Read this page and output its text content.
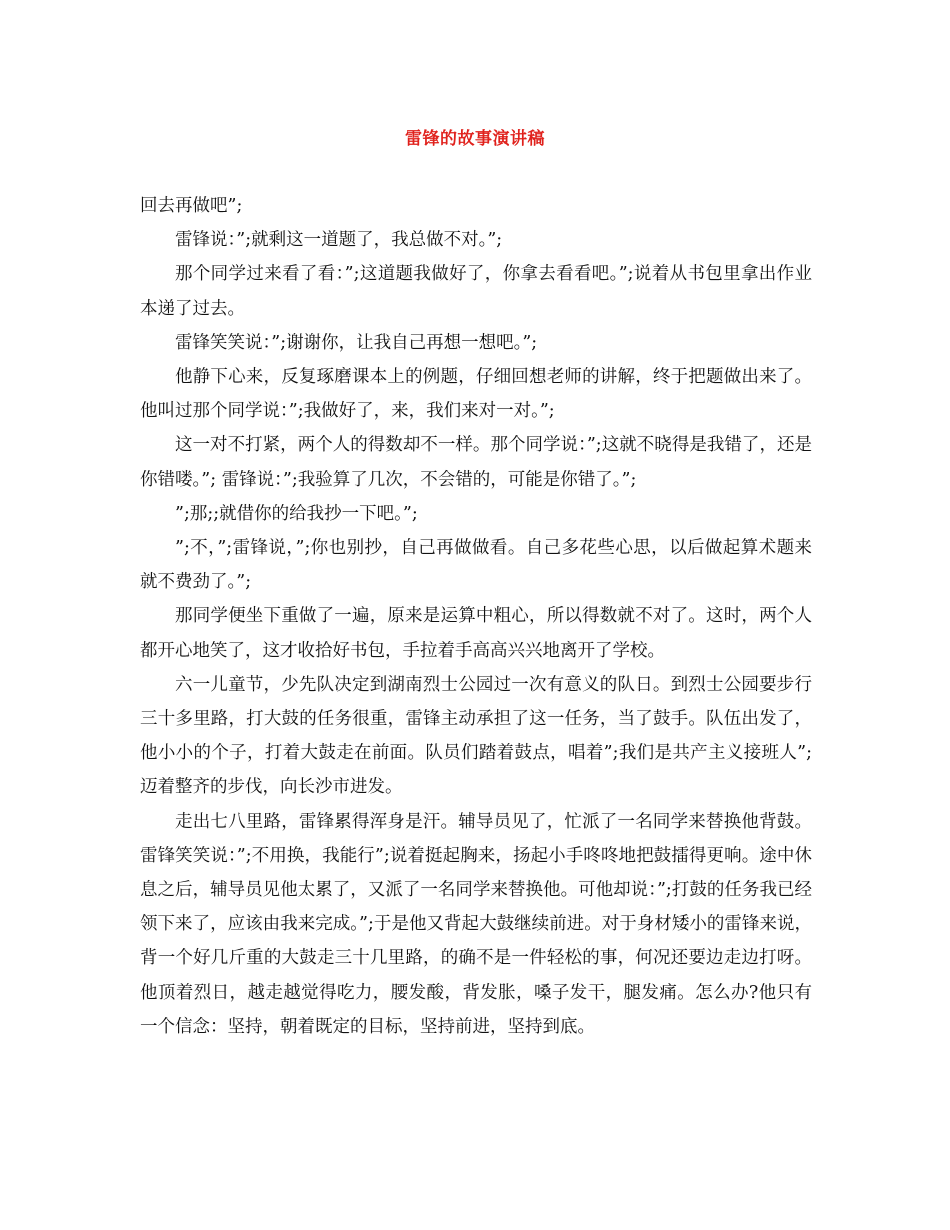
雷锋的故事演讲稿

回去再做吧”;

雷锋说：”;就剩这一道题了，我总做不对。”;

那个同学过来看了看：”;这道题我做好了，你拿去看看吧。”;说着从书包里拿出作业本递了过去。

雷锋笑笑说：”;谢谢你，让我自己再想一想吧。”;

他静下心来，反复琢磨课本上的例题，仔细回想老师的讲解，终于把题做出来了。他叫过那个同学说：”;我做好了，来，我们来对一对。”;

这一对不打紧，两个人的得数却不一样。那个同学说：”;这就不晓得是我错了，还是你错喽。”; 雷锋说：”;我验算了几次，不会错的，可能是你错了。”;

”;那;;就借你的给我抄一下吧。”;

”;不，”;雷锋说，”;你也别抄，自己再做做看。自己多花些心思，以后做起算术题来就不费劲了。”;

那同学便坐下重做了一遍，原来是运算中粗心，所以得数就不对了。这时，两个人都开心地笑了，这才收拾好书包，手拉着手高高兴兴地离开了学校。

六一儿童节，少先队决定到湖南烈士公园过一次有意义的队日。到烈士公园要步行三十多里路，打大鼓的任务很重，雷锋主动承担了这一任务，当了鼓手。队伍出发了，他小小的个子，打着大鼓走在前面。队员们踏着鼓点，唱着”;我们是共产主义接班人”;迈着整齐的步伐，向长沙市进发。

走出七八里路，雷锋累得浑身是汗。辅导员见了，忙派了一名同学来替换他背鼓。雷锋笑笑说：”;不用换，我能行”;说着挺起胸来，扬起小手咚咚地把鼓擂得更响。途中休息之后，辅导员见他太累了，又派了一名同学来替换他。可他却说：”;打鼓的任务我已经领下来了，应该由我来完成。”;于是他又背起大鼓继续前进。对于身材矮小的雷锋来说，背一个好几斤重的大鼓走三十几里路，的确不是一件轻松的事，何况还要边走边打呀。他顶着烈日，越走越觉得吃力，腰发酸，背发胀，嗓子发干，腿发痛。怎么办?他只有一个信念：坚持，朝着既定的目标，坚持前进，坚持到底。
